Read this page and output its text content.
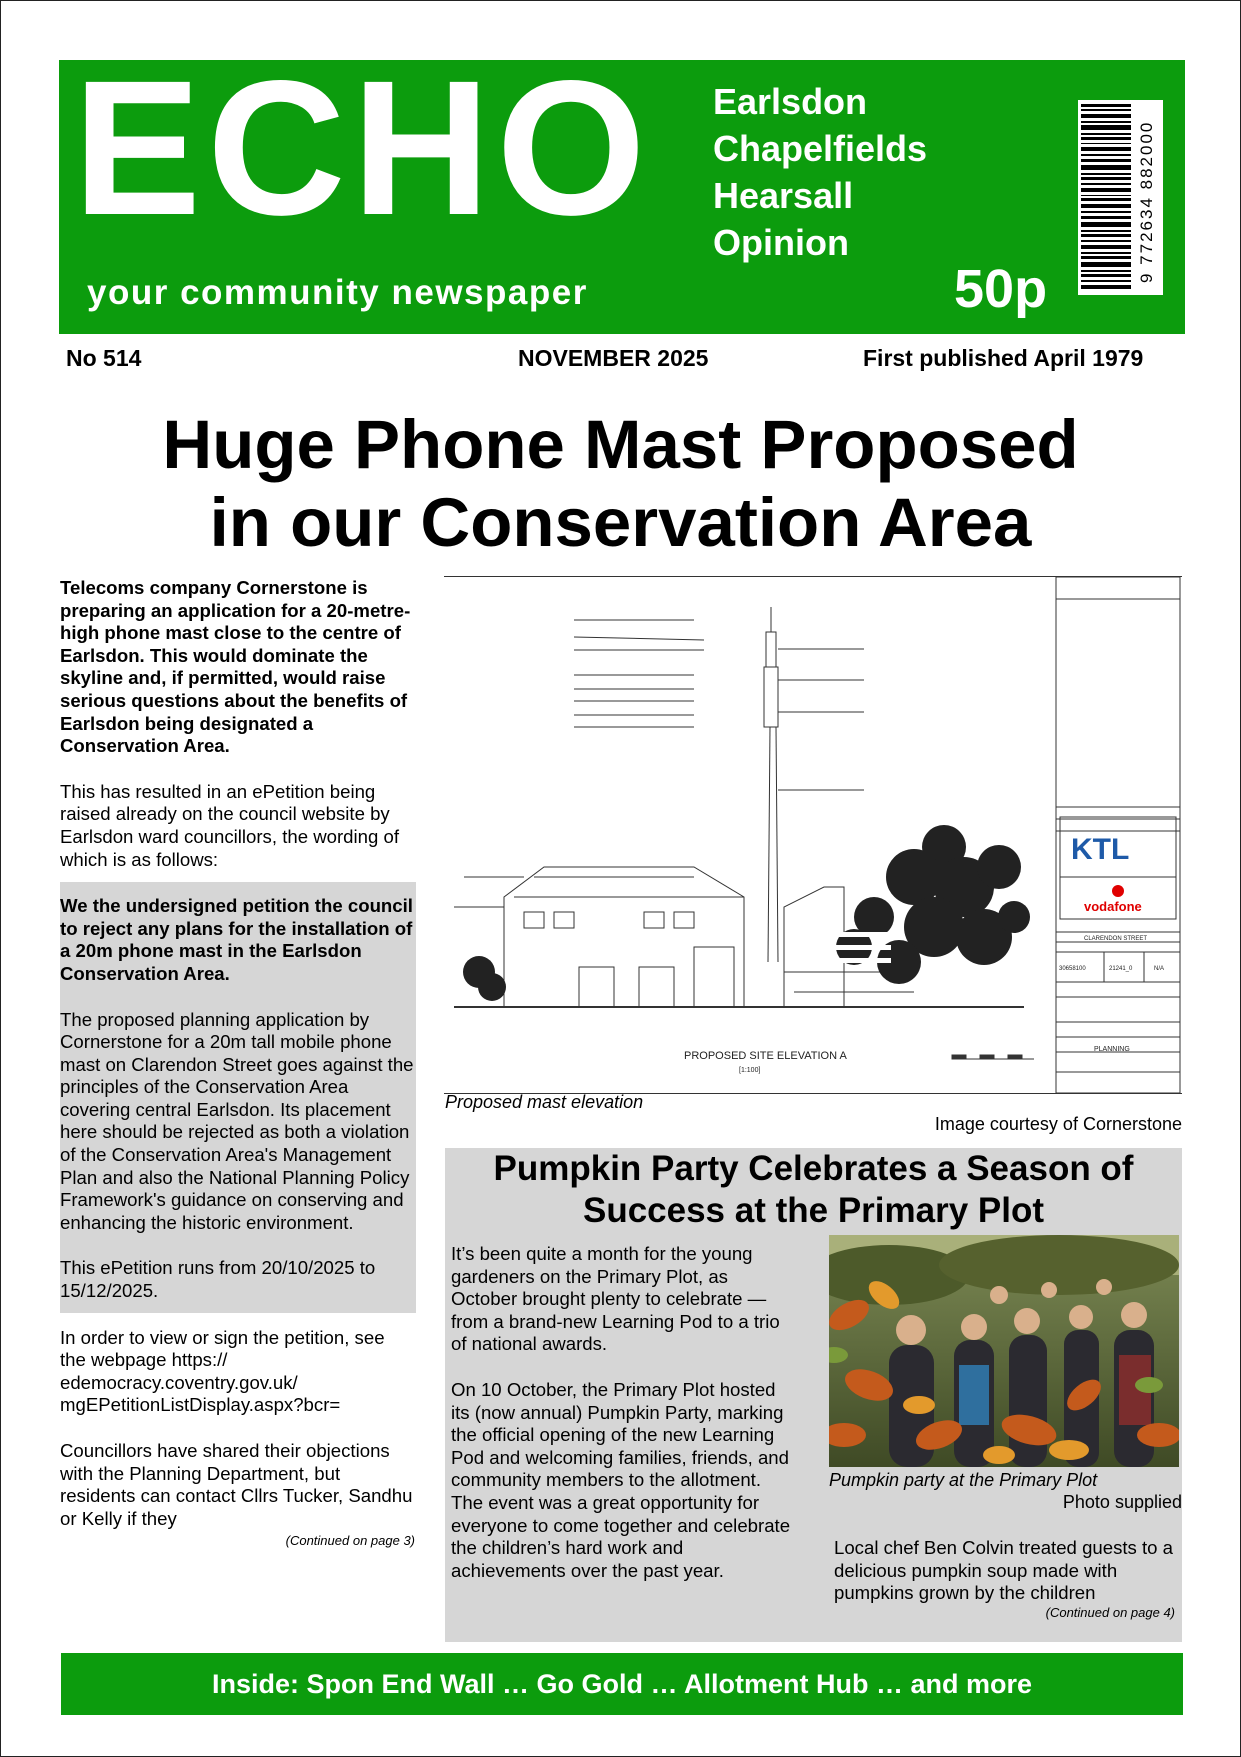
ECHO
your community newspaper
Earlsdon
Chapelfields
Hearsall
Opinion
50p
9 772634 882000
No 514	NOVEMBER 2025	First published April 1979
Huge Phone Mast Proposed
in our Conservation Area

Telecoms company Cornerstone is preparing an application for a 20-metre-high phone mast close to the centre of Earlsdon. This would dominate the skyline and, if permitted, would raise serious questions about the benefits of Earlsdon being designated a Conservation Area.

This has resulted in an ePetition being raised already on the council website by Earlsdon ward councillors, the wording of which is as follows:

We the undersigned petition the council to reject any plans for the installation of a 20m phone mast in the Earlsdon Conservation Area.

The proposed planning application by Cornerstone for a 20m tall mobile phone mast on Clarendon Street goes against the principles of the Conservation Area covering central Earlsdon. Its placement here should be rejected as both a violation of the Conservation Area's Management Plan and also the National Planning Policy Framework's guidance on conserving and enhancing the historic environment.

This ePetition runs from 20/10/2025 to 15/12/2025.

In order to view or sign the petition, see the webpage https:// edemocracy.coventry.gov.uk/ mgEPetitionListDisplay.aspx?bcr=

Councillors have shared their objections with the Planning Department, but residents can contact Cllrs Tucker, Sandhu or Kelly if they

(Continued on page 3)

PROPOSED SITE ELEVATION A
[1:100]
KTL
vodafone
CLARENDON STREET
30658100	21241_0	N/A
PLANNING
Proposed mast elevation
Image courtesy of Cornerstone
Pumpkin Party Celebrates a Season of Success at the Primary Plot

It’s been quite a month for the young gardeners on the Primary Plot, as October brought plenty to celebrate — from a brand-new Learning Pod to a trio of national awards.

On 10 October, the Primary Plot hosted its (now annual) Pumpkin Party, marking the official opening of the new Learning Pod and welcoming families, friends, and community members to the allotment. The event was a great opportunity for everyone to come together and celebrate the children’s hard work and achievements over the past year.

Pumpkin party at the Primary Plot
Photo supplied

Local chef Ben Colvin treated guests to a delicious pumpkin soup made with pumpkins grown by the children

(Continued on page 4)

Inside: Spon End Wall … Go Gold … Allotment Hub … and more
